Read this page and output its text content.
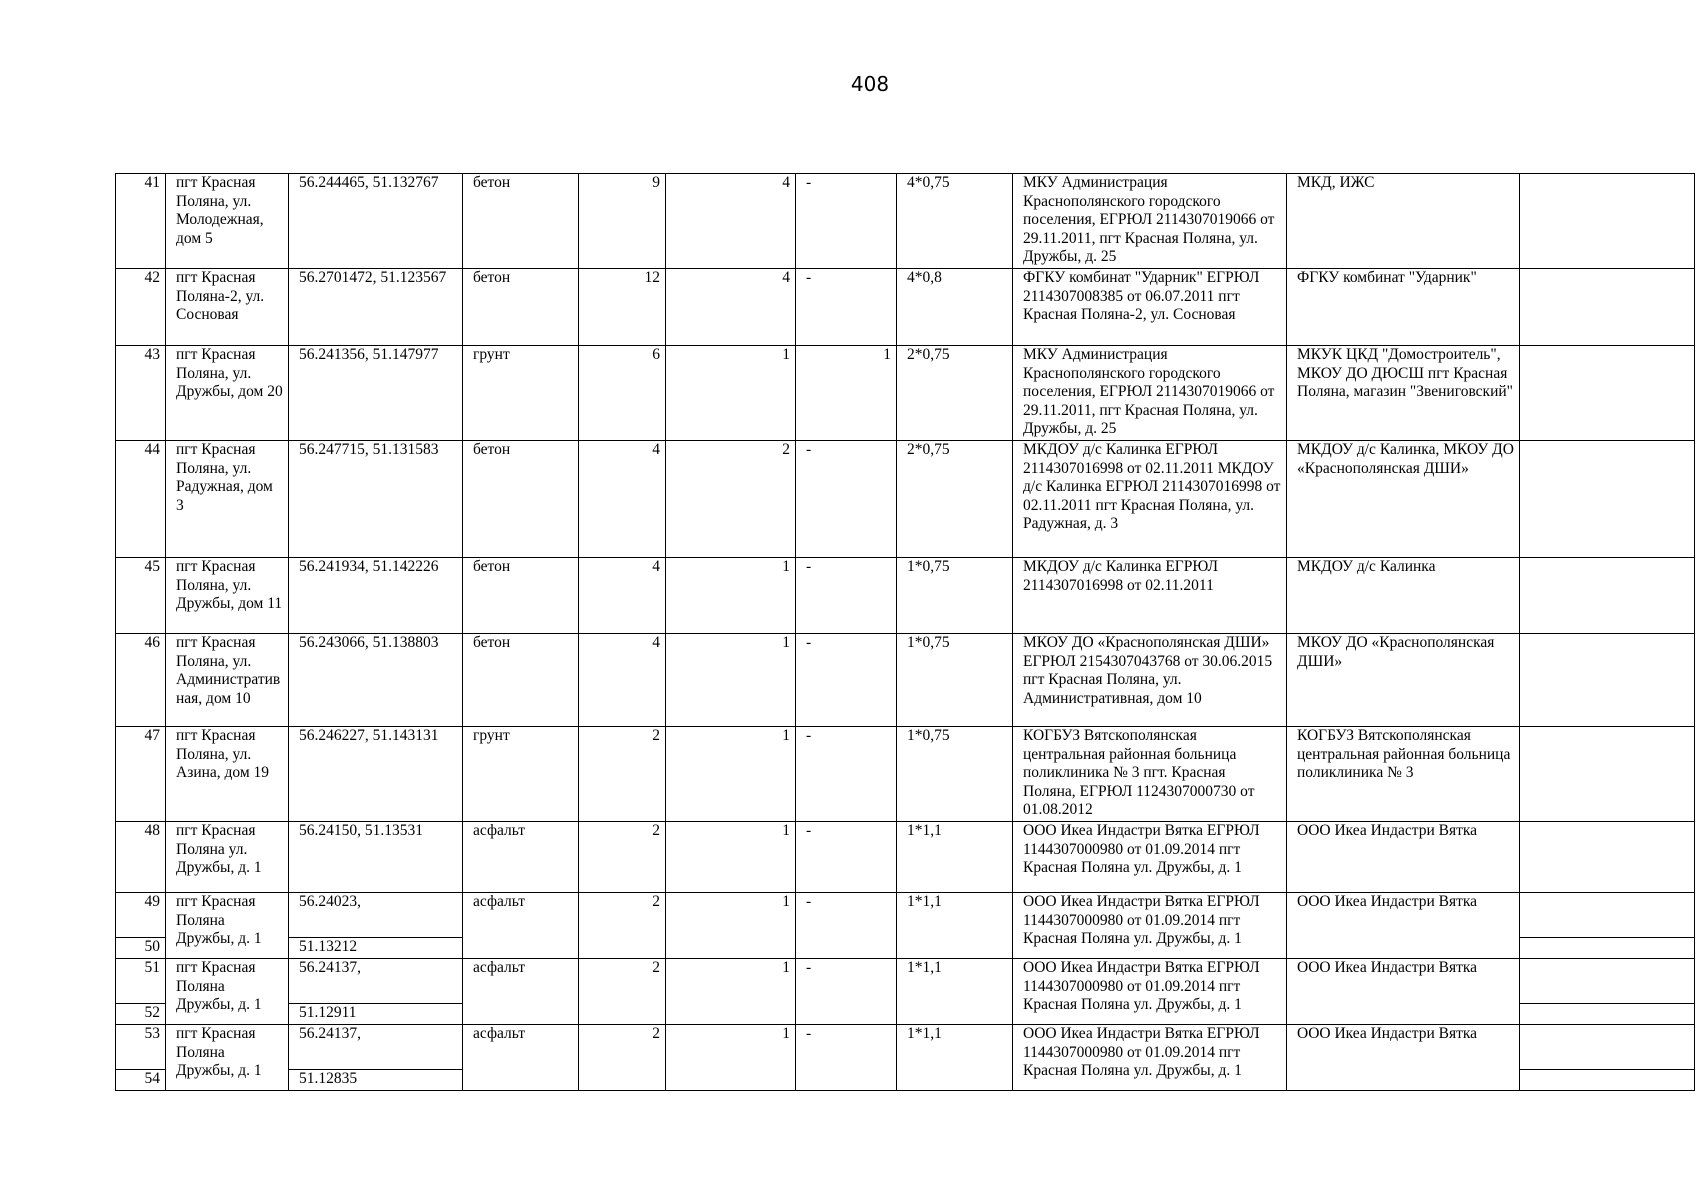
408
41	пгт Красная Поляна, ул. Молодежная, дом 5	56.244465, 51.132767	бетон	9	4	-	4*0,75	МКУ Администрация Краснополянского городского поселения, ЕГРЮЛ 2114307019066 от 29.11.2011, пгт Красная Поляна, ул. Дружбы, д. 25	МКД, ИЖС	
42	пгт Красная Поляна-2, ул. Сосновая	56.2701472, 51.123567	бетон	12	4	-	4*0,8	ФГКУ комбинат "Ударник" ЕГРЮЛ 2114307008385 от 06.07.2011 пгт Красная Поляна-2, ул. Сосновая	ФГКУ комбинат "Ударник"	
43	пгт Красная Поляна, ул. Дружбы, дом 20	56.241356, 51.147977	грунт	6	1	1	2*0,75	МКУ Администрация Краснополянского городского поселения, ЕГРЮЛ 2114307019066 от 29.11.2011, пгт Красная Поляна, ул. Дружбы, д. 25	МКУК ЦКД "Домостроитель", МКОУ ДО ДЮСШ пгт Красная Поляна, магазин "Звениговский"	
44	пгт Красная Поляна, ул. Радужная, дом 3	56.247715, 51.131583	бетон	4	2	-	2*0,75	МКДОУ д/с Калинка ЕГРЮЛ 2114307016998 от 02.11.2011 МКДОУ д/с Калинка ЕГРЮЛ 2114307016998 от 02.11.2011 пгт Красная Поляна, ул. Радужная, д. 3	МКДОУ д/с Калинка, МКОУ ДО «Краснополянская ДШИ»	
45	пгт Красная Поляна, ул. Дружбы, дом 11	56.241934, 51.142226	бетон	4	1	-	1*0,75	МКДОУ д/с Калинка ЕГРЮЛ 2114307016998 от 02.11.2011	МКДОУ д/с Калинка	
46	пгт Красная Поляна, ул. Административная, дом 10	56.243066, 51.138803	бетон	4	1	-	1*0,75	МКОУ ДО «Краснополянская ДШИ» ЕГРЮЛ 2154307043768 от 30.06.2015 пгт Красная Поляна, ул. Административная, дом 10	МКОУ ДО «Краснополянская ДШИ»	
47	пгт Красная Поляна, ул. Азина, дом 19	56.246227, 51.143131	грунт	2	1	-	1*0,75	КОГБУЗ Вятскополянская центральная районная больница поликлиника № 3 пгт. Красная Поляна, ЕГРЮЛ 1124307000730 от 01.08.2012	КОГБУЗ Вятскополянская центральная районная больница поликлиника № 3	
48	пгт Красная Поляна ул. Дружбы, д. 1	56.24150, 51.13531	асфальт	2	1	-	1*1,1	ООО Икеа Индастри Вятка ЕГРЮЛ 1144307000980 от 01.09.2014 пгт Красная Поляна ул. Дружбы, д. 1	ООО Икеа Индастри Вятка	
49	пгт Красная Поляна Дружбы, д. 1	56.24023,	асфальт	2	1	-	1*1,1	ООО Икеа Индастри Вятка ЕГРЮЛ 1144307000980 от 01.09.2014 пгт Красная Поляна ул. Дружбы, д. 1	ООО Икеа Индастри Вятка	
50		51.13212								
51	пгт Красная Поляна Дружбы, д. 1	56.24137,	асфальт	2	1	-	1*1,1	ООО Икеа Индастри Вятка ЕГРЮЛ 1144307000980 от 01.09.2014 пгт Красная Поляна ул. Дружбы, д. 1	ООО Икеа Индастри Вятка	
52		51.12911								
53	пгт Красная Поляна Дружбы, д. 1	56.24137,	асфальт	2	1	-	1*1,1	ООО Икеа Индастри Вятка ЕГРЮЛ 1144307000980 от 01.09.2014 пгт Красная Поляна ул. Дружбы, д. 1	ООО Икеа Индастри Вятка	
54		51.12835								
